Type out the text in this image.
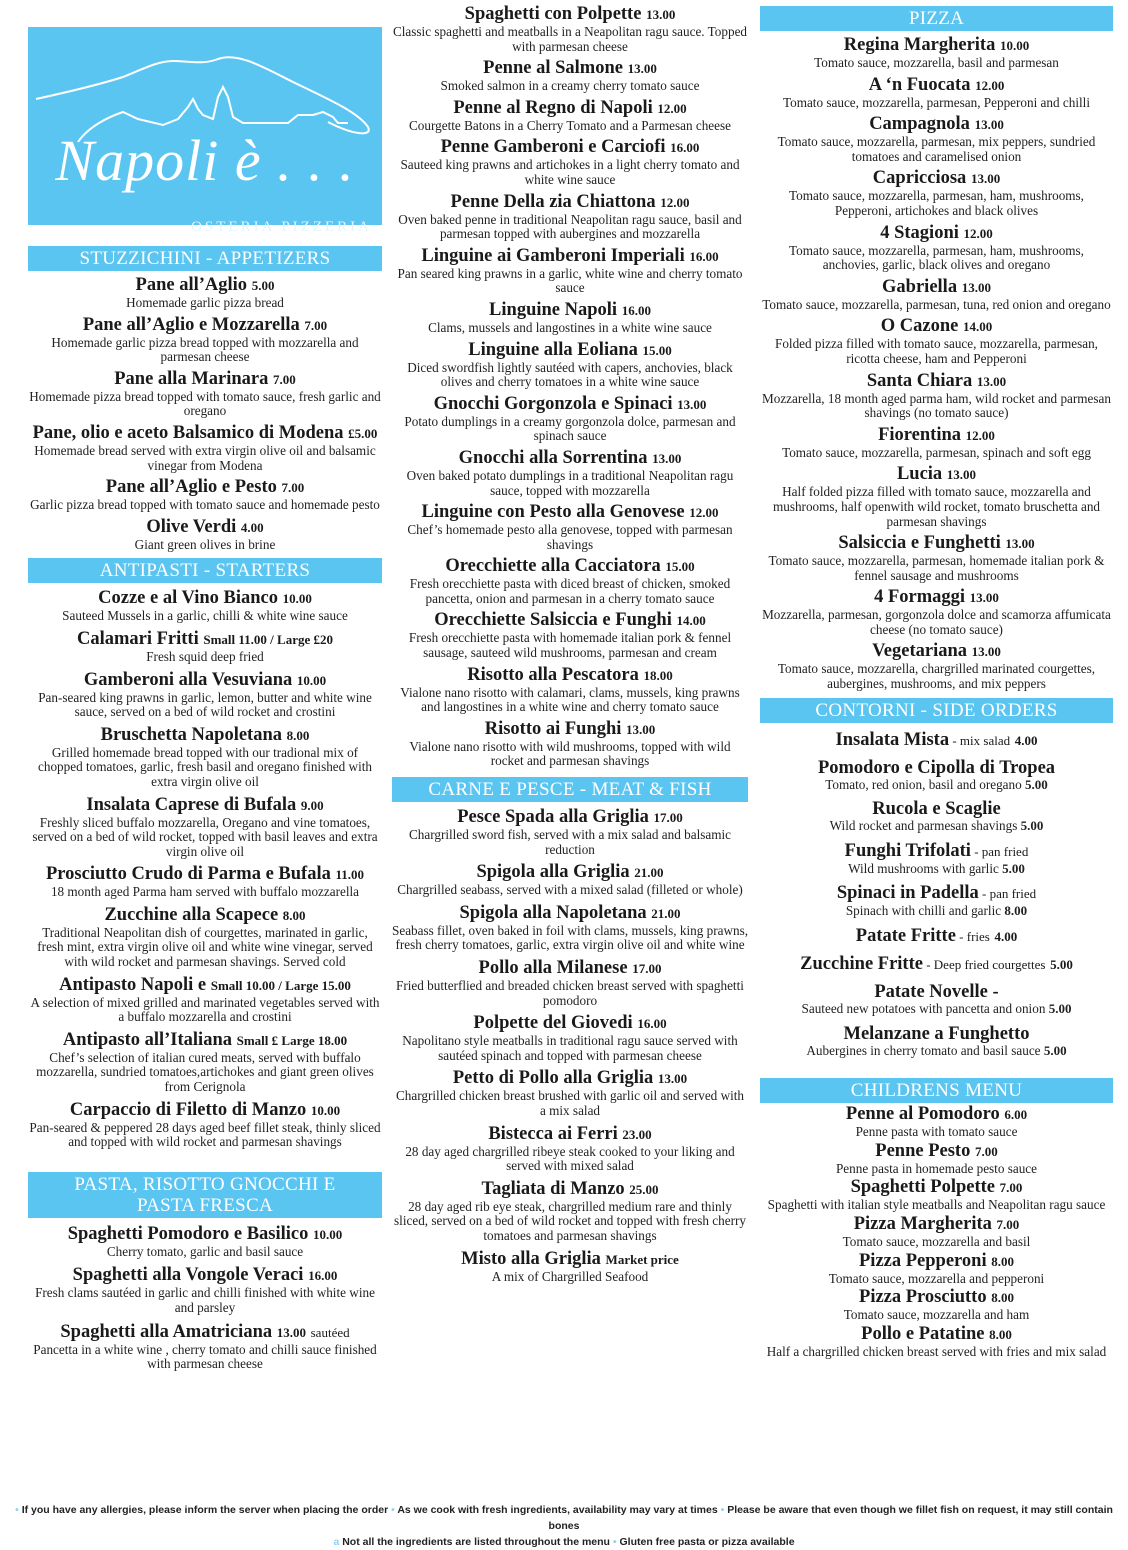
Napoli è . . .
OSTERIA PIZZERIA
STUZZICHINI - APPETIZERS
Pane all’Aglio 5.00
Homemade garlic pizza bread
Pane all’Aglio e Mozzarella 7.00
Homemade garlic pizza bread topped with mozzarella and parmesan cheese
Pane alla Marinara 7.00
Homemade pizza bread topped with tomato sauce, fresh garlic and oregano
Pane, olio e aceto Balsamico di Modena £5.00
Homemade bread served with extra virgin olive oil and balsamic vinegar from Modena
Pane all’Aglio e Pesto 7.00
Garlic pizza bread topped with tomato sauce and homemade pesto
Olive Verdi 4.00
Giant green olives in brine
ANTIPASTI - STARTERS
Cozze e al Vino Bianco 10.00
Sauteed Mussels in a garlic, chilli & white wine sauce
Calamari Fritti Small 11.00 / Large £20
Fresh squid deep fried
Gamberoni alla Vesuviana 10.00
Pan-seared king prawns in garlic, lemon, butter and white wine sauce, served on a bed of wild rocket and crostini
Bruschetta Napoletana 8.00
Grilled homemade bread topped with our tradional mix of chopped tomatoes, garlic, fresh basil and oregano finished with extra virgin olive oil
Insalata Caprese di Bufala 9.00
Freshly sliced buffalo mozzarella, Oregano and vine tomatoes, served on a bed of wild rocket, topped with basil leaves and extra virgin olive oil
Prosciutto Crudo di Parma e Bufala 11.00
18 month aged Parma ham served with buffalo mozzarella
Zucchine alla Scapece 8.00
Traditional Neapolitan dish of courgettes, marinated in garlic, fresh mint, extra virgin olive oil and white wine vinegar, served with wild rocket and parmesan shavings. Served cold
Antipasto Napoli e Small 10.00 / Large 15.00
A selection of mixed grilled and marinated vegetables served with a buffalo mozzarella and crostini
Antipasto all’Italiana Small £ Large 18.00
Chef’s selection of italian cured meats, served with buffalo mozzarella, sundried tomatoes,artichokes and giant green olives from Cerignola
Carpaccio di Filetto di Manzo 10.00
Pan-seared & peppered 28 days aged beef fillet steak, thinly sliced and topped with wild rocket and parmesan shavings
PASTA, RISOTTO GNOCCHI E
PASTA FRESCA
Spaghetti Pomodoro e Basilico 10.00
Cherry tomato, garlic and basil sauce
Spaghetti alla Vongole Veraci 16.00
Fresh clams sautéed in garlic and chilli finished with white wine and parsley
Spaghetti alla Amatriciana 13.00 sautéed
Pancetta in a white wine , cherry tomato and chilli sauce finished with parmesan cheese
Spaghetti con Polpette 13.00
Classic spaghetti and meatballs in a Neapolitan ragu sauce. Topped with parmesan cheese
Penne al Salmone 13.00
Smoked salmon in a creamy cherry tomato sauce
Penne al Regno di Napoli 12.00
Courgette Batons in a Cherry Tomato and a Parmesan cheese
Penne Gamberoni e Carciofi 16.00
Sauteed king prawns and artichokes in a light cherry tomato and white wine sauce
Penne Della zia Chiattona 12.00
Oven baked penne in traditional Neapolitan ragu sauce, basil and parmesan topped with aubergines and mozzarella
Linguine ai Gamberoni Imperiali 16.00
Pan seared king prawns in a garlic, white wine and cherry tomato sauce
Linguine Napoli 16.00
Clams, mussels and langostines in a white wine sauce
Linguine alla Eoliana 15.00
Diced swordfish lightly sautéed with capers, anchovies, black olives and cherry tomatoes in a white wine sauce
Gnocchi Gorgonzola e Spinaci 13.00
Potato dumplings in a creamy gorgonzola dolce, parmesan and spinach sauce
Gnocchi alla Sorrentina 13.00
Oven baked potato dumplings in a traditional Neapolitan ragu sauce, topped with mozzarella
Linguine con Pesto alla Genovese 12.00
Chef’s homemade pesto alla genovese, topped with parmesan shavings
Orecchiette alla Cacciatora 15.00
Fresh orecchiette pasta with diced breast of chicken, smoked pancetta, onion and parmesan in a cherry tomato sauce
Orecchiette Salsiccia e Funghi 14.00
Fresh orecchiette pasta with homemade italian pork & fennel sausage, sauteed wild mushrooms, parmesan and cream
Risotto alla Pescatora 18.00
Vialone nano risotto with calamari, clams, mussels, king prawns and langostines in a white wine and cherry tomato sauce
Risotto ai Funghi 13.00
Vialone nano risotto with wild mushrooms, topped with wild rocket and parmesan shavings
CARNE E PESCE - MEAT & FISH
Pesce Spada alla Griglia 17.00
Chargrilled sword fish, served with a mix salad and balsamic reduction
Spigola alla Griglia 21.00
Chargrilled seabass, served with a mixed salad (filleted or whole)
Spigola alla Napoletana 21.00
Seabass fillet, oven baked in foil with clams, mussels, king prawns, fresh cherry tomatoes, garlic, extra virgin olive oil and white wine
Pollo alla Milanese 17.00
Fried butterflied and breaded chicken breast served with spaghetti pomodoro
Polpette del Giovedi 16.00
Napolitano style meatballs in traditional ragu sauce served with sautéed spinach and topped with parmesan cheese
Petto di Pollo alla Griglia 13.00
Chargrilled chicken breast brushed with garlic oil and served with a mix salad
Bistecca ai Ferri 23.00
28 day aged chargrilled ribeye steak cooked to your liking and served with mixed salad
Tagliata di Manzo 25.00
28 day aged rib eye steak, chargrilled medium rare and thinly sliced, served on a bed of wild rocket and topped with fresh cherry tomatoes and parmesan shavings
Misto alla Griglia Market price
A mix of Chargrilled Seafood
PIZZA
Regina Margherita 10.00
Tomato sauce, mozzarella, basil and parmesan
A ‘n Fuocata 12.00
Tomato sauce, mozzarella, parmesan, Pepperoni and chilli
Campagnola 13.00
Tomato sauce, mozzarella, parmesan, mix peppers, sundried tomatoes and caramelised onion
Capricciosa 13.00
Tomato sauce, mozzarella, parmesan, ham, mushrooms, Pepperoni, artichokes and black olives
4 Stagioni 12.00
Tomato sauce, mozzarella, parmesan, ham, mushrooms, anchovies, garlic, black olives and oregano
Gabriella 13.00
Tomato sauce, mozzarella, parmesan, tuna, red onion and oregano
O Cazone 14.00
Folded pizza filled with tomato sauce, mozzarella, parmesan, ricotta cheese, ham and Pepperoni
Santa Chiara 13.00
Mozzarella, 18 month aged parma ham, wild rocket and parmesan shavings (no tomato sauce)
Fiorentina 12.00
Tomato sauce, mozzarella, parmesan, spinach and soft egg
Lucia 13.00
Half folded pizza filled with tomato sauce, mozzarella and mushrooms, half openwith wild rocket, tomato bruschetta and parmesan shavings
Salsiccia e Funghetti 13.00
Tomato sauce, mozzarella, parmesan, homemade italian pork & fennel sausage and mushrooms
4 Formaggi 13.00
Mozzarella, parmesan, gorgonzola dolce and scamorza affumicata cheese (no tomato sauce)
Vegetariana 13.00
Tomato sauce, mozzarella, chargrilled marinated courgettes, aubergines, mushrooms, and mix peppers
CONTORNI - SIDE ORDERS
Insalata Mista - mix salad 4.00
Pomodoro e Cipolla di Tropea
Tomato, red onion, basil and oregano 5.00
Rucola e Scaglie
Wild rocket and parmesan shavings 5.00
Funghi Trifolati - pan fried
Wild mushrooms with garlic 5.00
Spinaci in Padella - pan fried
Spinach with chilli and garlic 8.00
Patate Fritte - fries 4.00
Zucchine Fritte - Deep fried courgettes 5.00
Patate Novelle -
Sauteed new potatoes with pancetta and onion 5.00
Melanzane a Funghetto
Aubergines in cherry tomato and basil sauce 5.00
CHILDRENS MENU
Penne al Pomodoro 6.00
Penne pasta with tomato sauce
Penne Pesto 7.00
Penne pasta in homemade pesto sauce
Spaghetti Polpette 7.00
Spaghetti with italian style meatballs and Neapolitan ragu sauce
Pizza Margherita 7.00
Tomato sauce, mozzarella and basil
Pizza Pepperoni 8.00
Tomato sauce, mozzarella and pepperoni
Pizza Prosciutto 8.00
Tomato sauce, mozzarella and ham
Pollo e Patatine 8.00
Half a chargrilled chicken breast served with fries and mix salad
• If you have any allergies, please inform the server when placing the order • As we cook with fresh ingredients, availability may vary at times • Please be aware that even though we fillet fish on request, it may still contain bones
a Not all the ingredients are listed throughout the menu • Gluten free pasta or pizza available
